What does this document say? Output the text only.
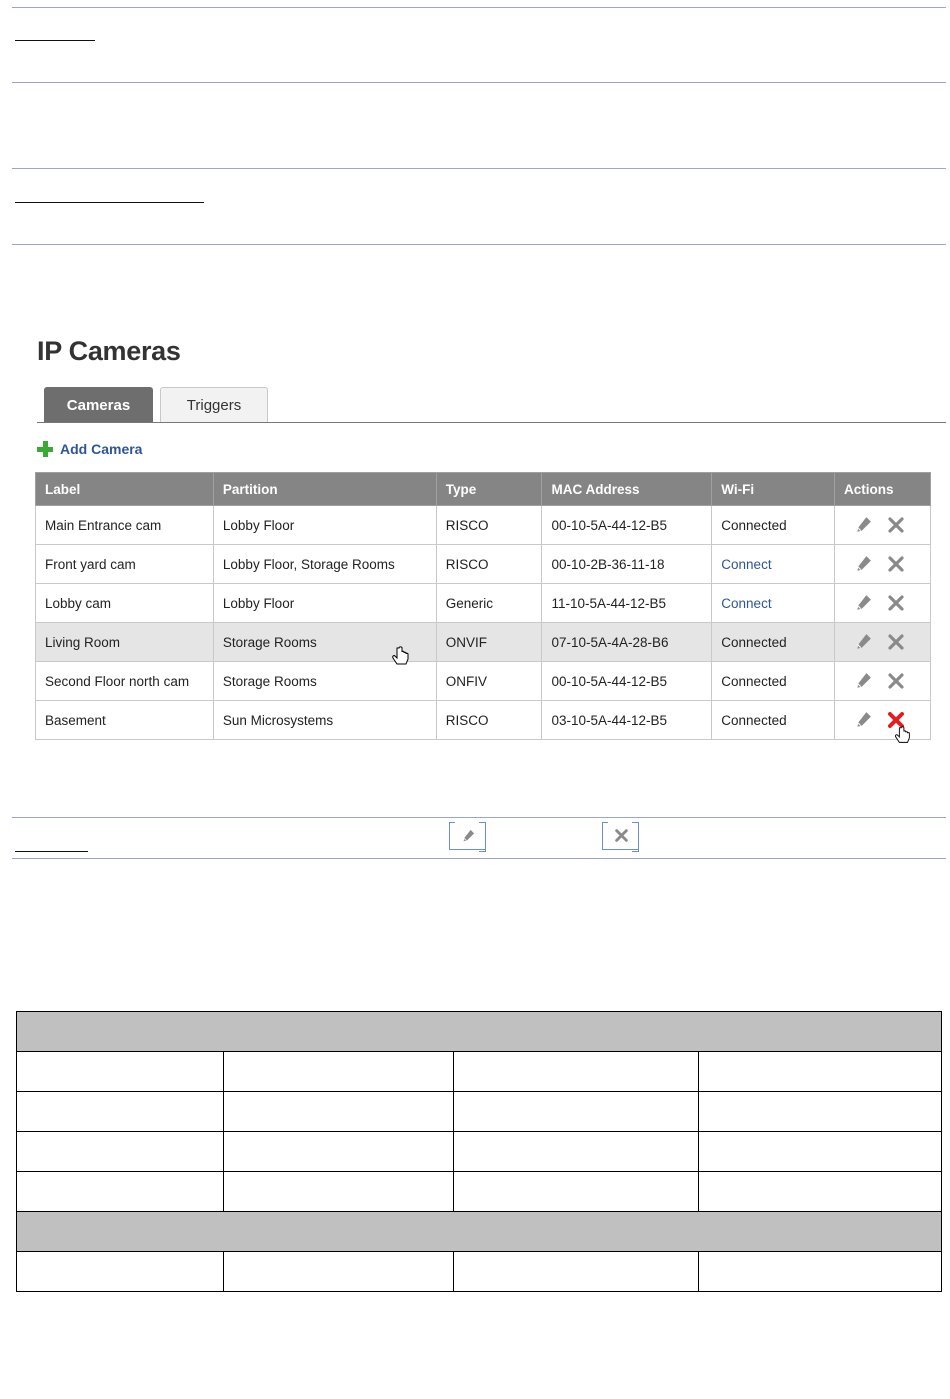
IP Cameras
Cameras	Triggers
Add Camera
Label	Partition	Type	MAC Address	Wi-Fi	Actions
Main Entrance cam	Lobby Floor	RISCO	00-10-5A-44-12-B5	Connected	

Front yard cam	Lobby Floor, Storage Rooms	RISCO	00-10-2B-36-11-18	Connect	

Lobby cam	Lobby Floor	Generic	11-10-5A-44-12-B5	Connect	

Living Room	Storage Rooms	ONVIF	07-10-5A-4A-28-B6	Connected	

Second Floor north cam	Storage Rooms	ONFIV	00-10-5A-44-12-B5	Connected	

Basement	Sun Microsystems	RISCO	03-10-5A-44-12-B5	Connected	
